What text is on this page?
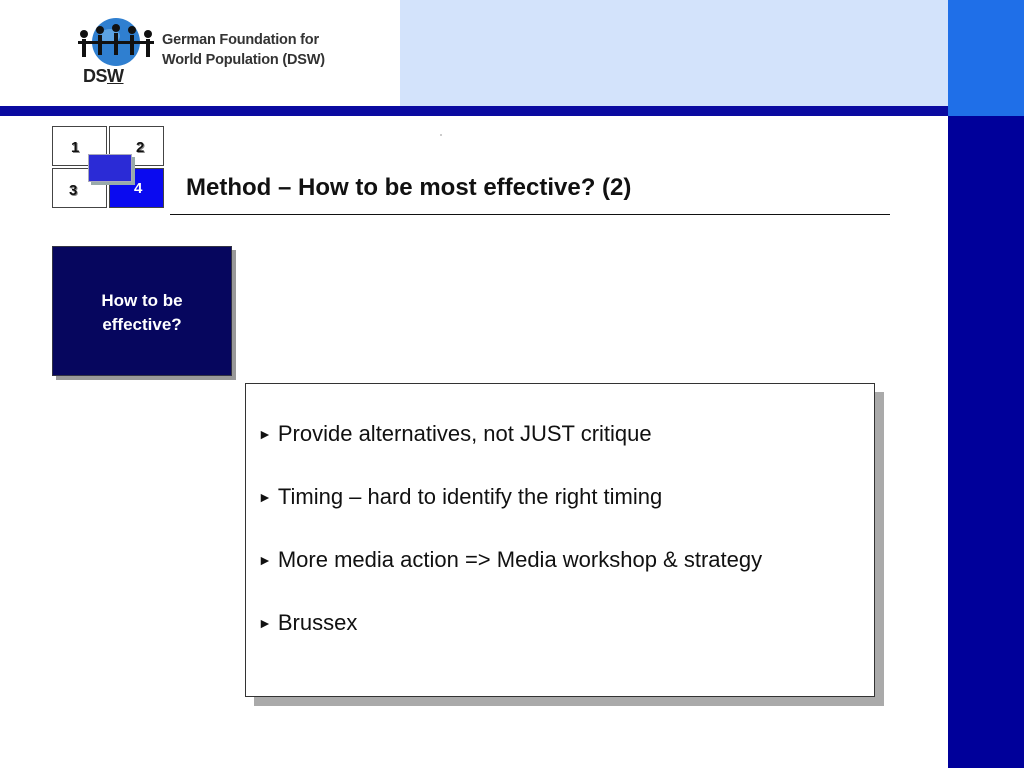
German Foundation for
World Population (DSW)
DSW
1	2
3	4 Method – How to be most effective? (2)
How to be
effective?
► Provide alternatives, not JUST critique
► Timing – hard to identify the right timing
► More media action => Media workshop & strategy
► Brussex
